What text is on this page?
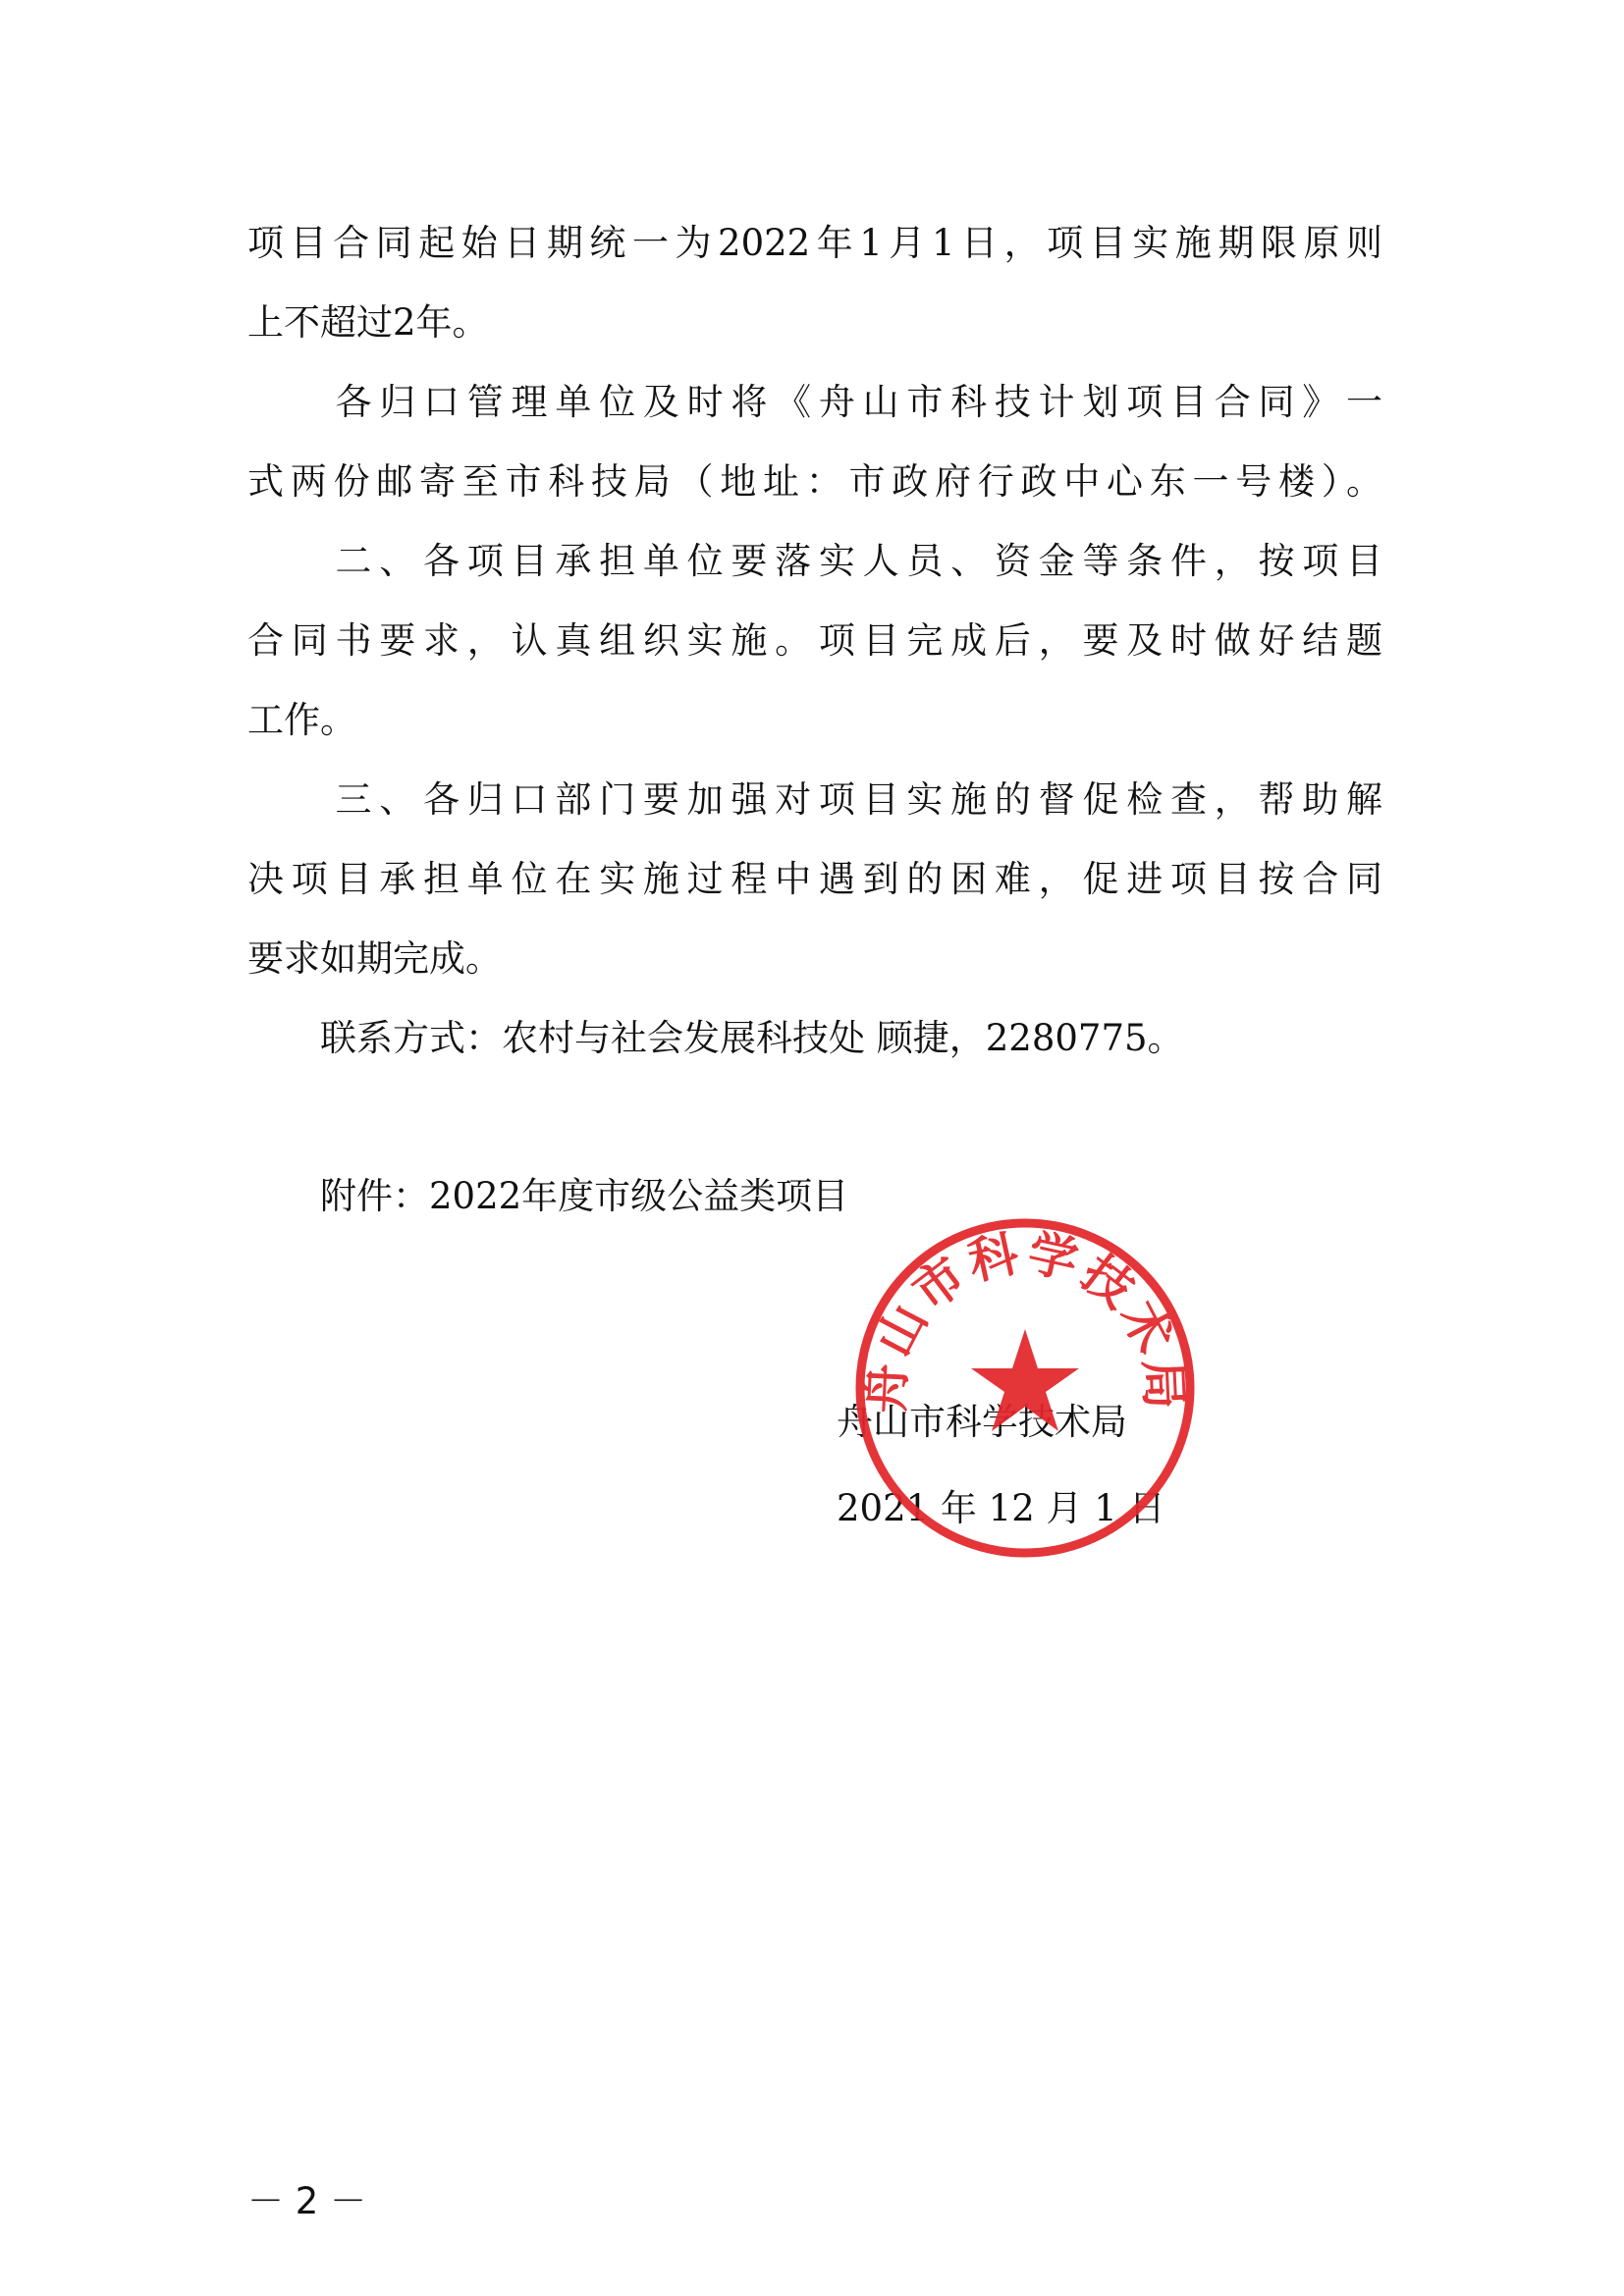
项目合同起始日期统一为2022年1月1日，项目实施期限原则
上不超过2年。
　　各归口管理单位及时将《舟山市科技计划项目合同》一
式两份邮寄至市科技局（地址：市政府行政中心东一号楼）。
　　二、各项目承担单位要落实人员、资金等条件，按项目
合同书要求，认真组织实施。项目完成后，要及时做好结题
工作。
　　三、各归口部门要加强对项目实施的督促检查，帮助解
决项目承担单位在实施过程中遇到的困难，促进项目按合同
要求如期完成。
　　联系方式：农村与社会发展科技处 顾捷，2280775。
　　附件：2022年度市级公益类项目
舟山市科学技术局
2021 年 12 月 1 日
舟山市科学技术局
－ 2 －
